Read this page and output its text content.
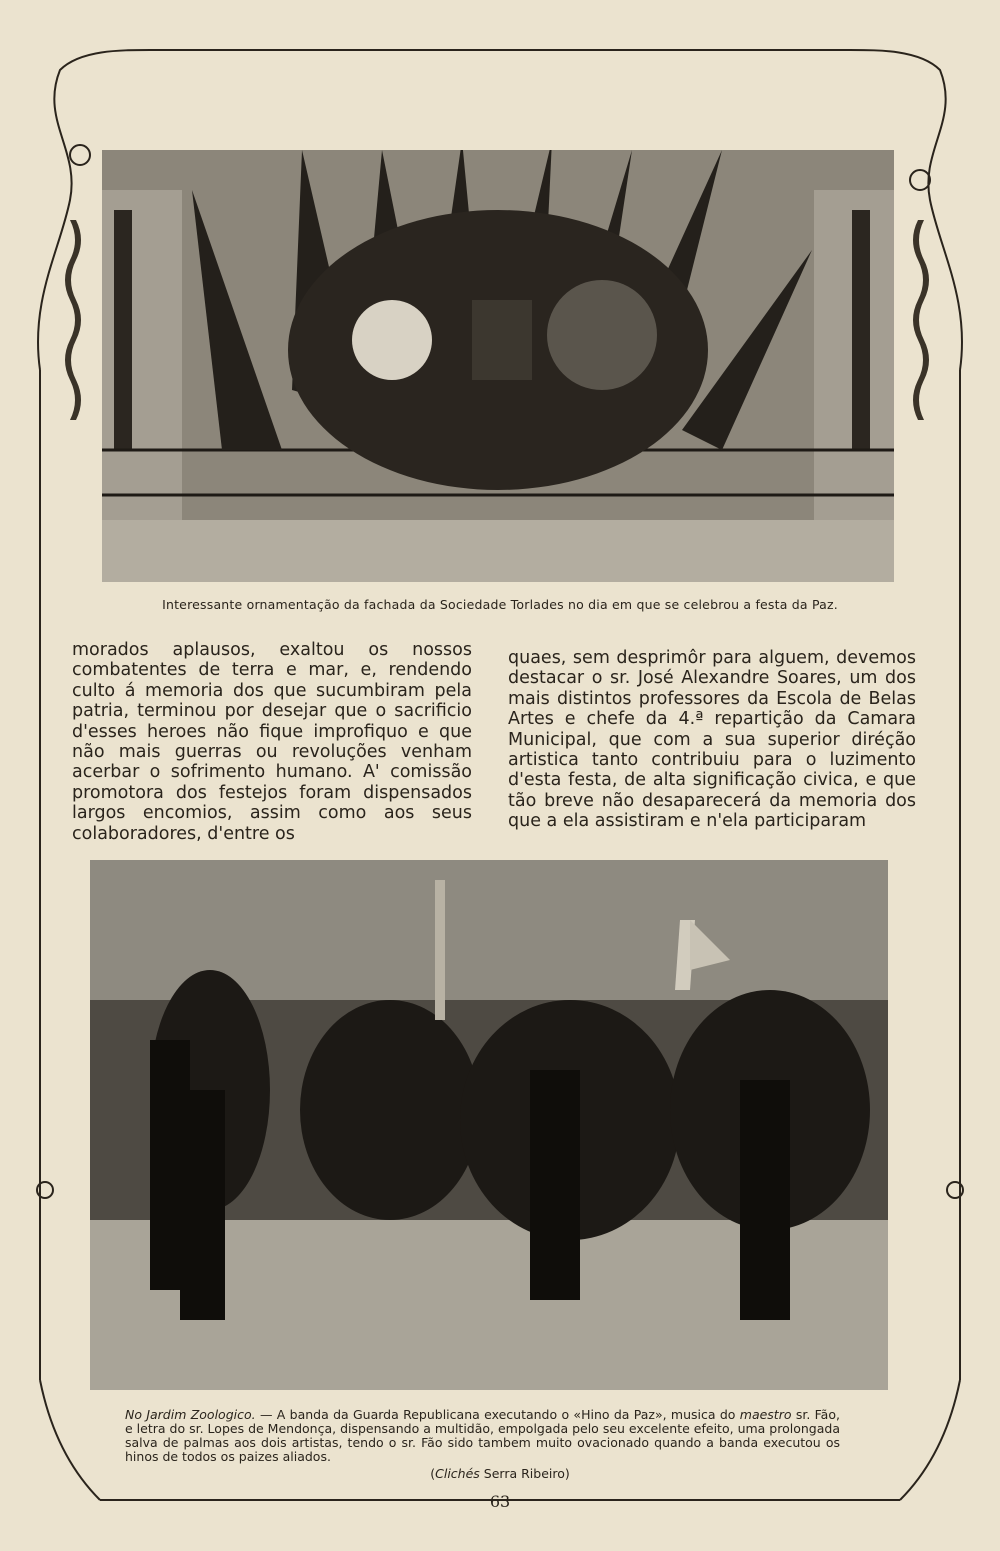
Interessante ornamentação da fachada da Sociedade Torlades no dia em que se celebrou a festa da Paz.

morados aplausos, exaltou os nossos combatentes de terra e mar, e, rendendo culto á memoria dos que sucumbiram pela patria, terminou por desejar que o sacrificio d'esses heroes não fique improfiquo e que não mais guerras ou revoluções venham acerbar o sofrimento humano. A' comissão promotora dos festejos foram dispensados largos encomios, assim como aos seus colaboradores, d'entre os

quaes, sem desprimôr para alguem, devemos destacar o sr. José Alexandre Soares, um dos mais distintos professores da Escola de Belas Artes e chefe da 4.ª repartição da Camara Municipal, que com a sua superior diréção artistica tanto contribuiu para o luzimento d'esta festa, de alta significação civica, e que tão breve não desaparecerá da memoria dos que a ela assistiram e n'ela participaram

No Jardim Zoologico. — A banda da Guarda Republicana executando o «Hino da Paz», musica do maestro sr. Fão, e letra do sr. Lopes de Mendonça, dispensando a multidão, empolgada pelo seu excelente efeito, uma prolongada salva de palmas aos dois artistas, tendo o sr. Fão sido tambem muito ovacionado quando a banda executou os hinos de todos os paizes aliados.
(Clichés Serra Ribeiro)
63
